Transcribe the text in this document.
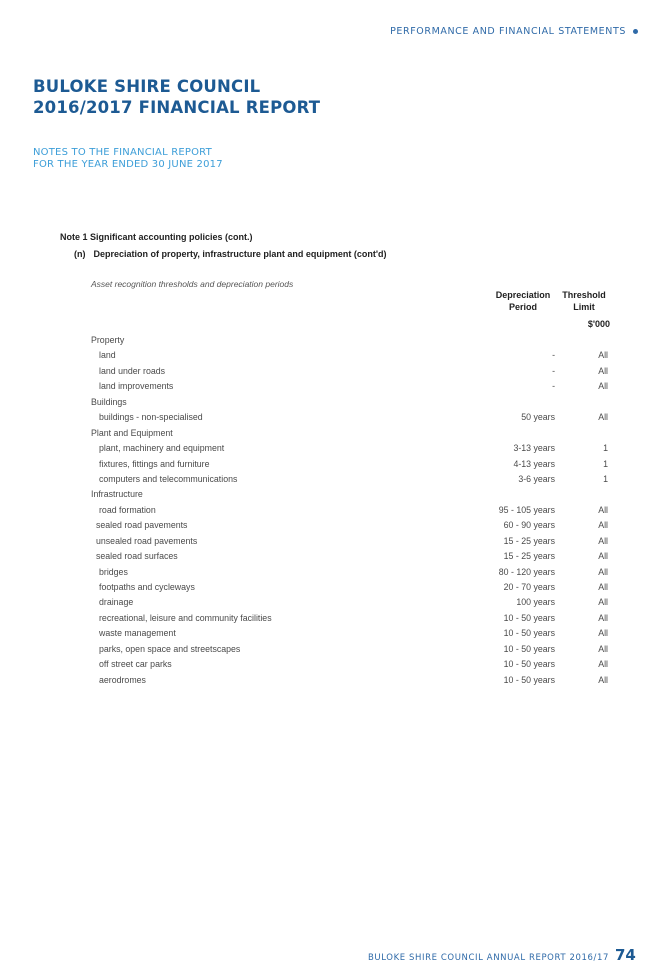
PERFORMANCE AND FINANCIAL STATEMENTS
BULOKE SHIRE COUNCIL
2016/2017 FINANCIAL REPORT
NOTES TO THE FINANCIAL REPORT
FOR THE YEAR ENDED 30 JUNE 2017
Note 1 Significant accounting policies (cont.)
(n) Depreciation of property, infrastructure plant and equipment (cont'd)
Asset recognition thresholds and depreciation periods
Depreciation
Period
Threshold
Limit
$'000
Property
land	-	All
land under roads	-	All
land improvements	-	All
Buildings
buildings - non-specialised	50 years	All
Plant and Equipment
plant, machinery and equipment	3-13 years	1
fixtures, fittings and furniture	4-13 years	1
computers and telecommunications	3-6 years	1
Infrastructure
road formation	95 - 105 years	All
sealed road pavements	60 - 90 years	All
unsealed road pavements	15 - 25 years	All
sealed road surfaces	15 - 25 years	All
bridges	80 - 120 years	All
footpaths and cycleways	20 - 70 years	All
drainage	100 years	All
recreational, leisure and community facilities	10 - 50 years	All
waste management	10 - 50 years	All
parks, open space and streetscapes	10 - 50 years	All
off street car parks	10 - 50 years	All
aerodromes	10 - 50 years	All
BULOKE SHIRE COUNCIL ANNUAL REPORT 2016/17 74
